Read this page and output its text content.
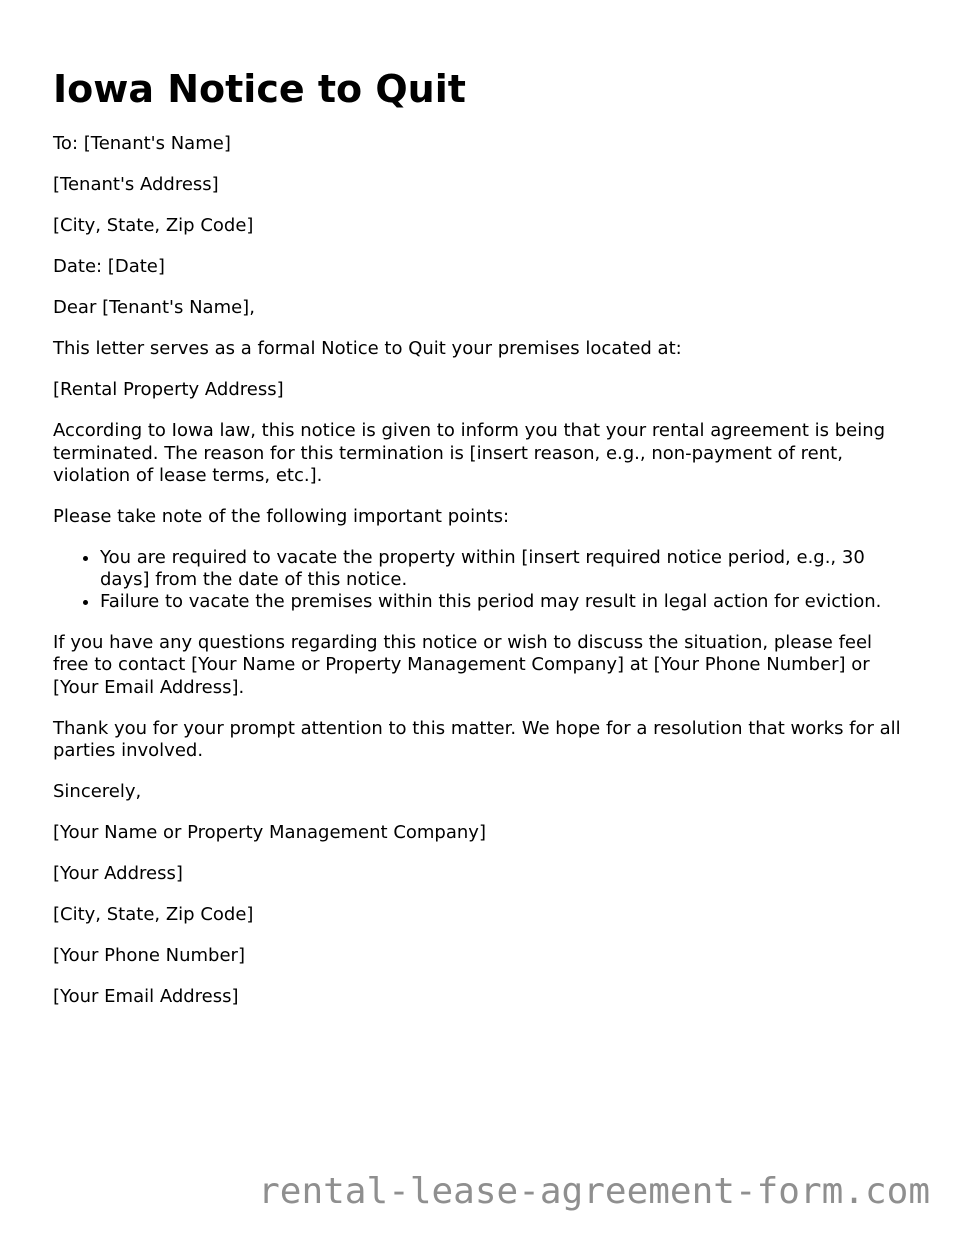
Iowa Notice to Quit

To: [Tenant's Name]

[Tenant's Address]

[City, State, Zip Code]

Date: [Date]

Dear [Tenant's Name],

This letter serves as a formal Notice to Quit your premises located at:

[Rental Property Address]

According to Iowa law, this notice is given to inform you that your rental agreement is being terminated. The reason for this termination is [insert reason, e.g., non-payment of rent, violation of lease terms, etc.].

Please take note of the following important points:

• You are required to vacate the property within [insert required notice period, e.g., 30 days] from the date of this notice.
• Failure to vacate the premises within this period may result in legal action for eviction.

If you have any questions regarding this notice or wish to discuss the situation, please feel free to contact [Your Name or Property Management Company] at [Your Phone Number] or [Your Email Address].

Thank you for your prompt attention to this matter. We hope for a resolution that works for all parties involved.

Sincerely,

[Your Name or Property Management Company]

[Your Address]

[City, State, Zip Code]

[Your Phone Number]

[Your Email Address]

rental-lease-agreement-form.com
